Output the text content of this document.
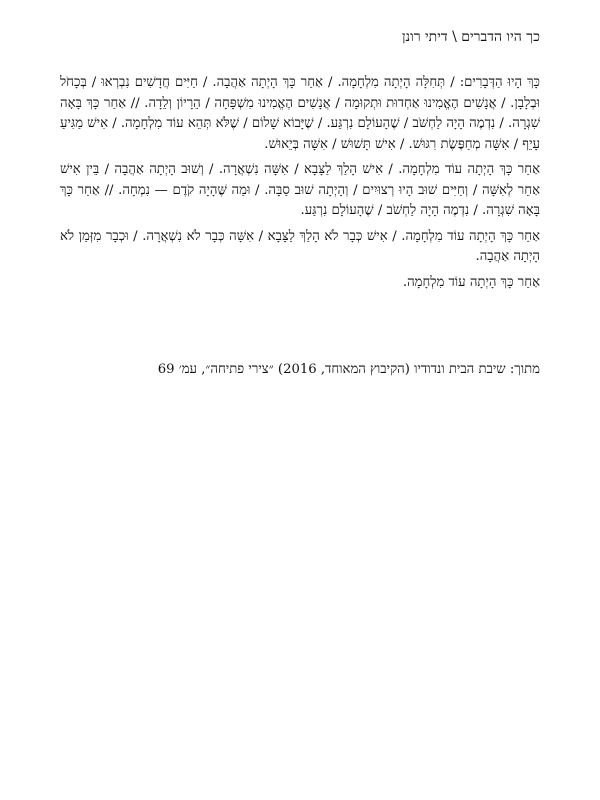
כך היו הדברים \ דיתי רונן

כָּךְ הָיוּ הַדְּבָרִים: / תְּחִלָּה הָיְתָה מִלְחָמָה. / אַחַר כָּךְ הָיְתָה אַהֲבָה. / חַיִּים חֲדָשִׁים נִבְרְאוּ / בְּכָחֹל וּבְלָבָן. / אֲנָשִׁים הֶאֱמִינוּ אַחְדוּת וּתְקוּמָה / אֲנָשִׁים הֶאֱמִינוּ מִשְׁפָּחָה / הֵרָיוֹן וְלֵדָה. // אַחַר כָּךְ בָּאָה שִׁגְרָה. / נִדְמֶה הָיָה לַחְשֹׁב / שֶׁהָעוֹלָם נִרְגַּע. / שֶׁיָּבוֹא שָׁלוֹם / שֶׁלֹּא תְּהֵא עוֹד מִלְחָמָה. / אִישׁ מַגִּיעַ עָיֵף / אִשָּׁה מְחַפֶּשֶׂת רִגּוּשׁ. / אִישׁ תָּשׁוּשׁ / אִשָּׁה בְּיֵאוּשׁ.

אַחַר כָּךְ הָיְתָה עוֹד מִלְחָמָה. / אִישׁ הָלַךְ לַצָּבָא / אִשָּׁה נִשְׁאֲרָה. / וְשׁוּב הָיְתָה אַהֲבָה / בֵּין אִישׁ אַחֵר לְאִשָּׁה / וְחַיִּים שׁוּב הָיוּ רְצוּיִים / וְהָיְתָה שׁוּב סַבָּה. / וּמַה שֶּׁהָיָה קֹדֶם — נִמְחָה. // אַחַר כָּךְ בָּאָה שִׁגְרָה. / נִדְמֶה הָיָה לַחְשֹׁב / שֶׁהָעוֹלָם נִרְגַּע.

אַחַר כָּךְ הָיְתָה עוֹד מִלְחָמָה. / אִישׁ כְּבָר לֹא הָלַךְ לַצָּבָא / אִשָּׁה כְּבָר לֹא נִשְׁאֲרָה. / וּכְבָר מִזְּמַן לֹא הָיְתָה אַהֲבָה.

אַחַר כָּךְ הָיְתָה עוֹד מִלְחָמָה.

מתוך: שיבת הבית ונדודיו (הקיבוץ המאוחד, 2016) ״צירי פתיחה״, עמ׳ 69
